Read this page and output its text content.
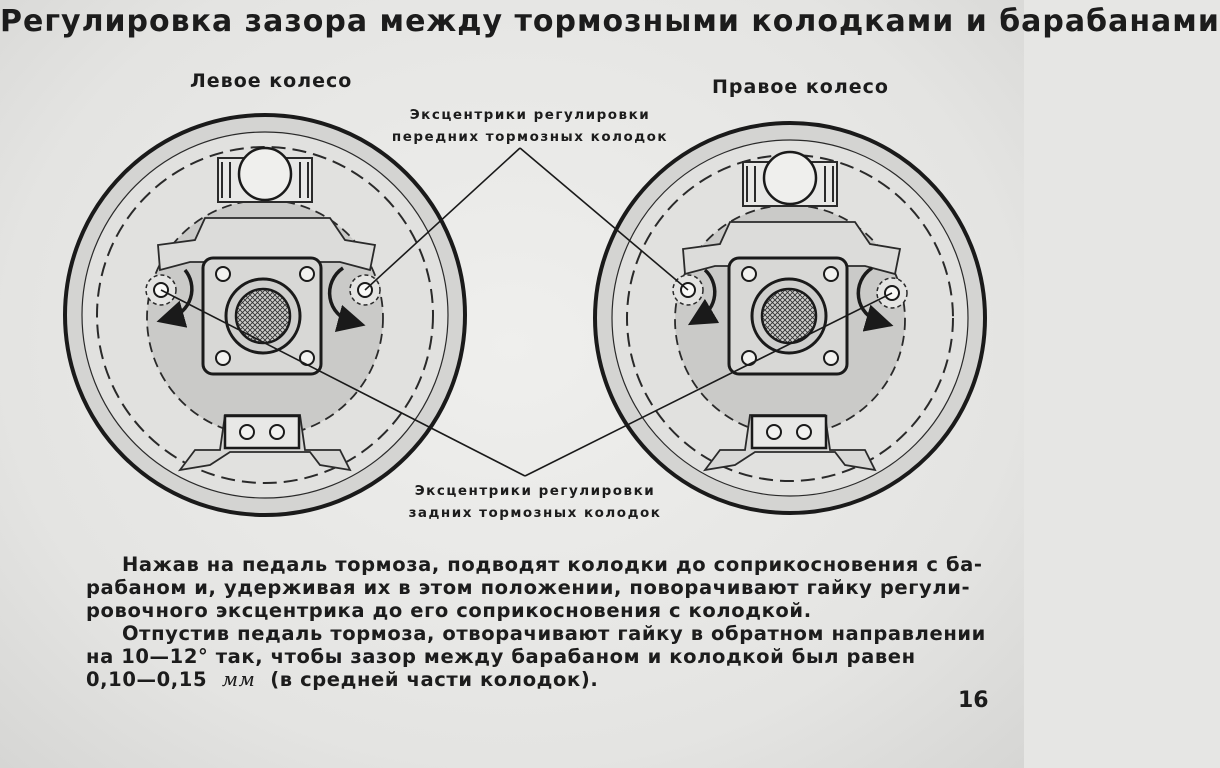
Регулировка зазора между тормозными колодками и барабанами
Левое колесо	Правое колесо
Эксцентрики регулировки
передних тормозных колодок
Эксцентрики регулировки
задних тормозных колодок

Нажав на педаль тормоза, подводят колодки до соприкосновения с ба-

рабаном и, удерживая их в этом положении, поворачивают гайку регули-

ровочного эксцентрика до его соприкосновения с колодкой.

Отпустив педаль тормоза, отворачивают гайку в обратном направлении

на 10—12° так, чтобы зазор между барабаном и колодкой был равен

0,10—0,15 мм (в средней части колодок).

16
